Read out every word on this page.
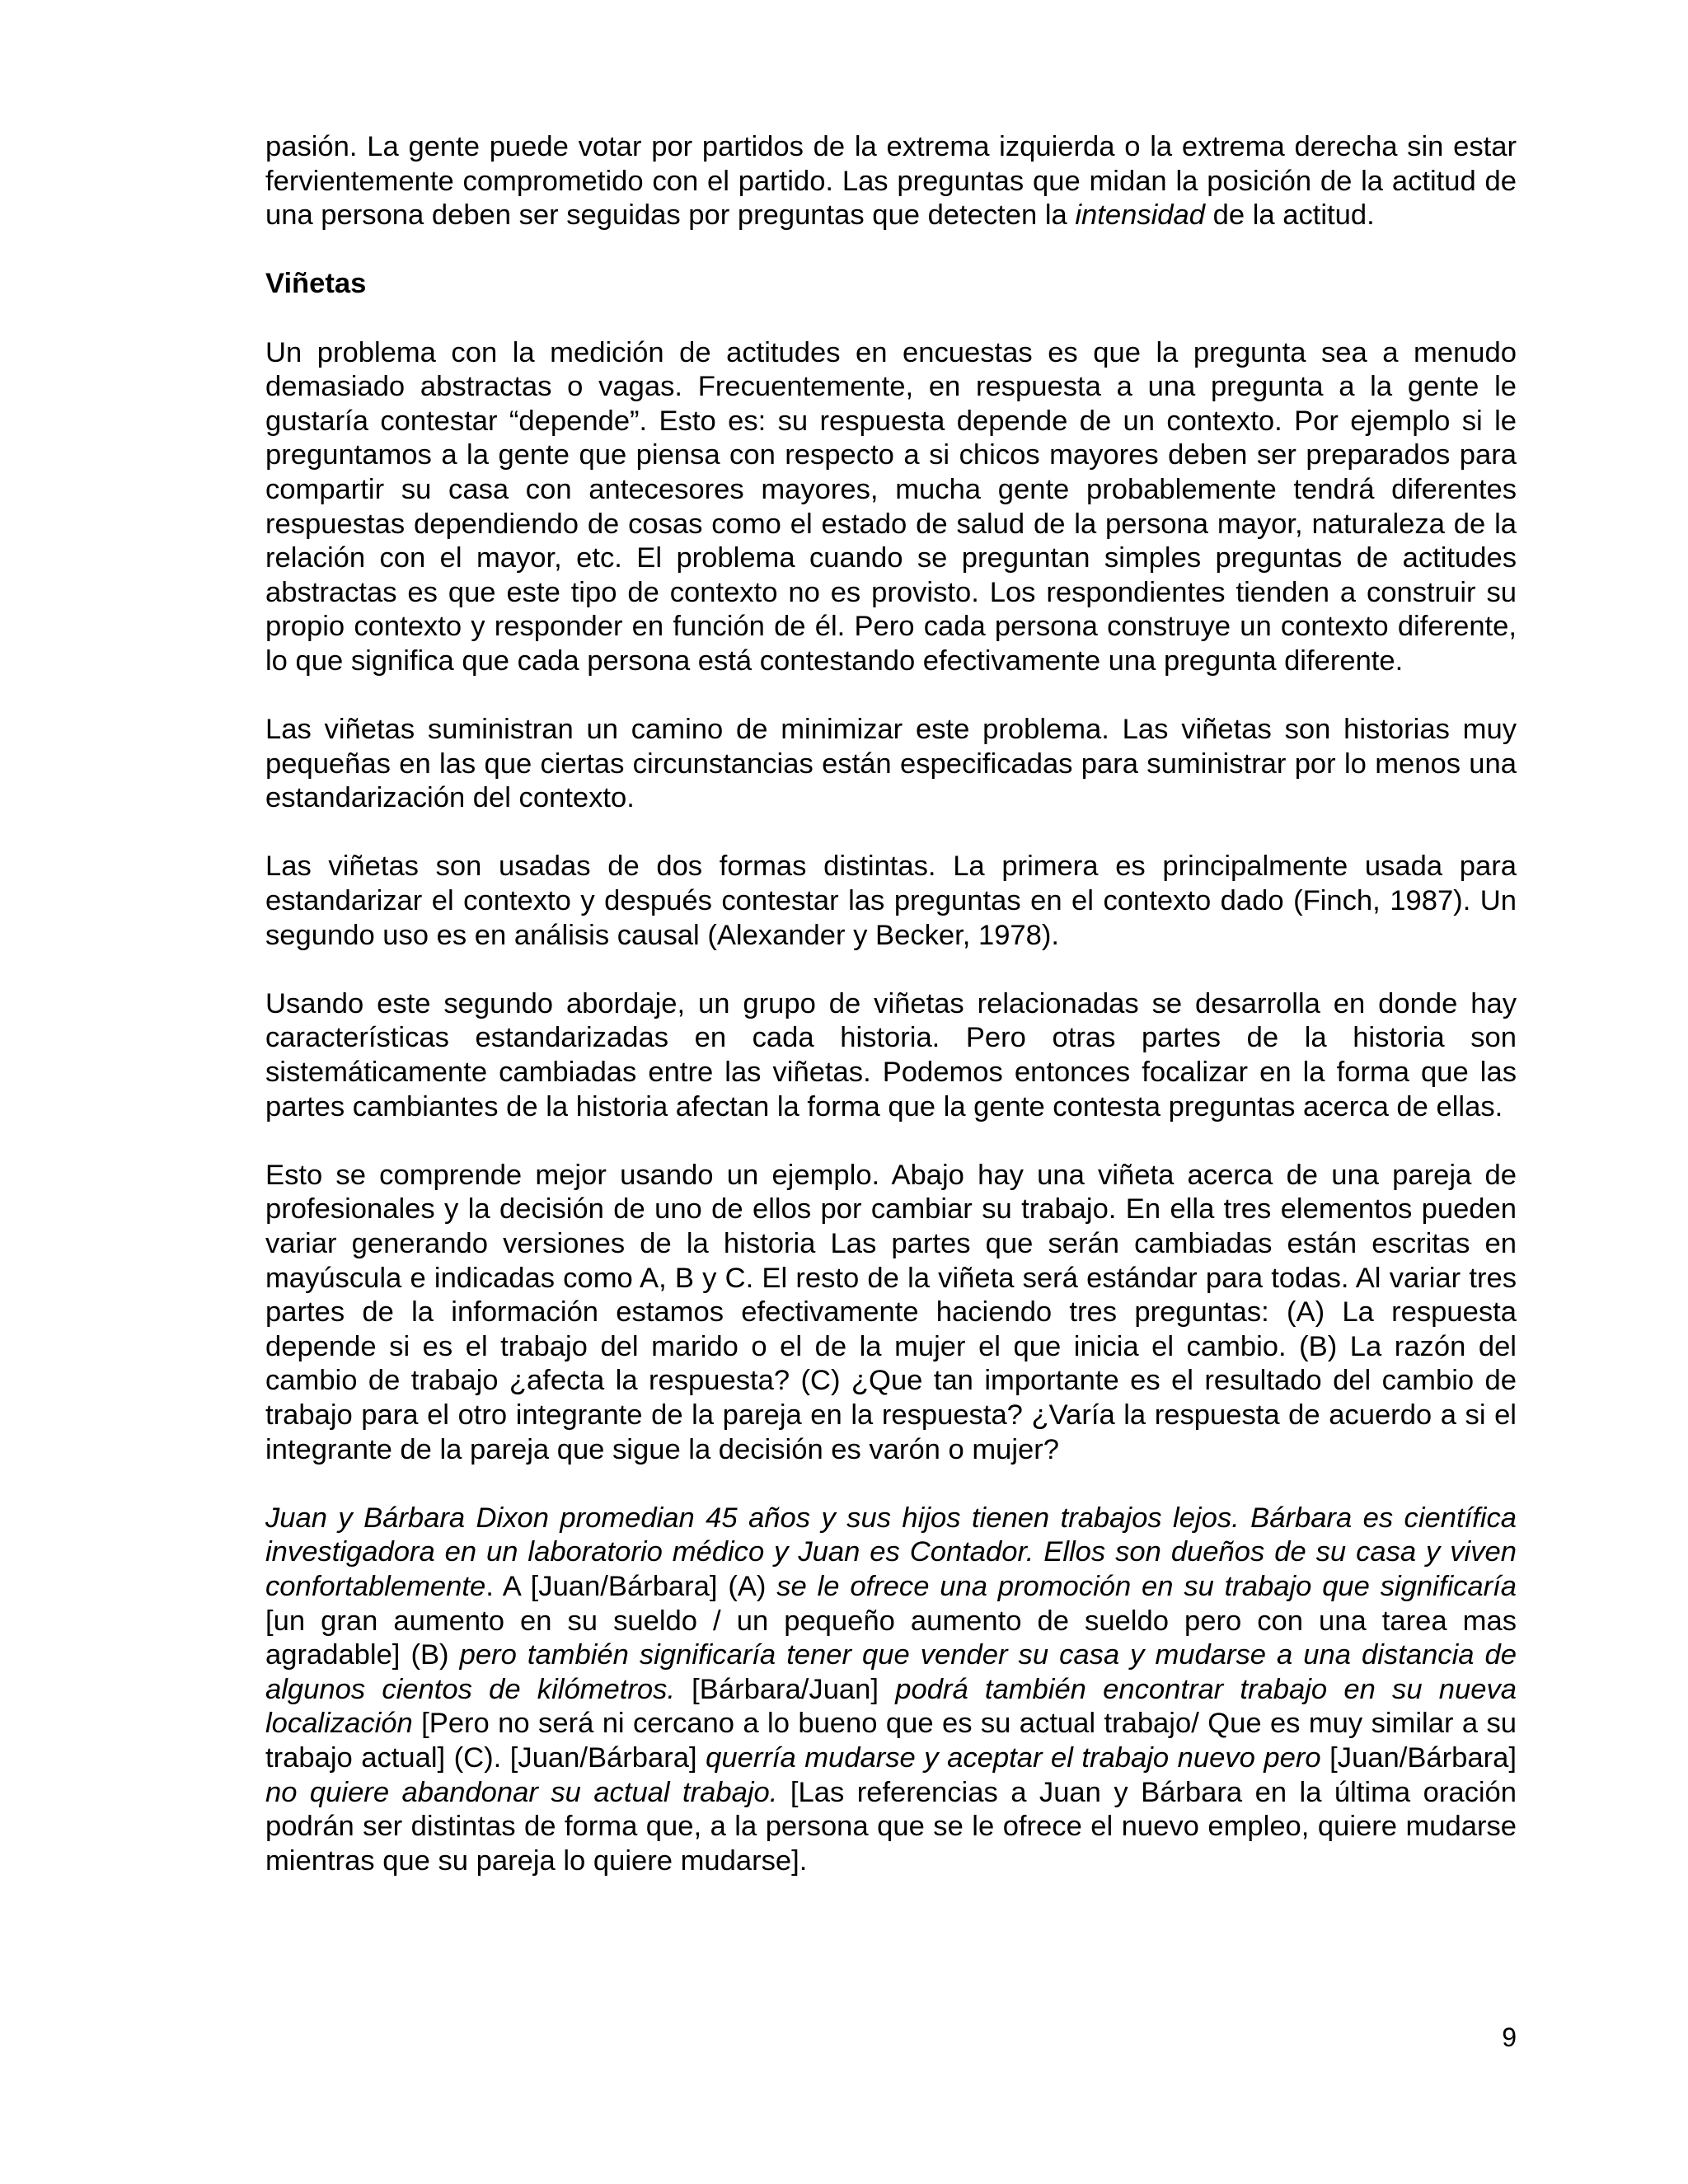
pasión. La gente puede votar por partidos de la extrema izquierda o la extrema derecha sin estar fervientemente comprometido con el partido. Las preguntas que midan la posición de la actitud de una persona deben ser seguidas por preguntas que detecten la intensidad de la actitud.

Viñetas

Un problema con la medición de actitudes en encuestas es que la pregunta sea a menudo demasiado abstractas o vagas. Frecuentemente, en respuesta a una pregunta a la gente le gustaría contestar “depende”. Esto es: su respuesta depende de un contexto. Por ejemplo si le preguntamos a la gente que piensa con respecto a si chicos mayores deben ser preparados para compartir su casa con antecesores mayores, mucha gente probablemente tendrá diferentes respuestas dependiendo de cosas como el estado de salud de la persona mayor, naturaleza de la relación con el mayor, etc. El problema cuando se preguntan simples preguntas de actitudes abstractas es que este tipo de contexto no es provisto. Los respondientes tienden a construir su propio contexto y responder en función de él. Pero cada persona construye un contexto diferente, lo que significa que cada persona está contestando efectivamente una pregunta diferente.

Las viñetas suministran un camino de minimizar este problema. Las viñetas son historias muy pequeñas en las que ciertas circunstancias están especificadas para suministrar por lo menos una estandarización del contexto.

Las viñetas son usadas de dos formas distintas. La primera es principalmente usada para estandarizar el contexto y después contestar las preguntas en el contexto dado (Finch, 1987). Un segundo uso es en análisis causal (Alexander y Becker, 1978).

Usando este segundo abordaje, un grupo de viñetas relacionadas se desarrolla en donde hay características estandarizadas en cada historia. Pero otras partes de la historia son sistemáticamente cambiadas entre las viñetas. Podemos entonces focalizar en la forma que las partes cambiantes de la historia afectan la forma que la gente contesta preguntas acerca de ellas.

Esto se comprende mejor usando un ejemplo. Abajo hay una viñeta acerca de una pareja de profesionales y la decisión de uno de ellos por cambiar su trabajo. En ella tres elementos pueden variar generando versiones de la historia Las partes que serán cambiadas están escritas en mayúscula e indicadas como A, B y C. El resto de la viñeta será estándar para todas. Al variar tres partes de la información estamos efectivamente haciendo tres preguntas: (A) La respuesta depende si es el trabajo del marido o el de la mujer el que inicia el cambio. (B) La razón del cambio de trabajo ¿afecta la respuesta? (C) ¿Que tan importante es el resultado del cambio de trabajo para el otro integrante de la pareja en la respuesta? ¿Varía la respuesta de acuerdo a si el integrante de la pareja que sigue la decisión es varón o mujer?

Juan y Bárbara Dixon promedian 45 años y sus hijos tienen trabajos lejos. Bárbara es científica investigadora en un laboratorio médico y Juan es Contador. Ellos son dueños de su casa y viven confortablemente. A [Juan/Bárbara] (A) se le ofrece una promoción en su trabajo que significaría [un gran aumento en su sueldo / un pequeño aumento de sueldo pero con una tarea mas agradable] (B) pero también significaría tener que vender su casa y mudarse a una distancia de algunos cientos de kilómetros. [Bárbara/Juan] podrá también encontrar trabajo en su nueva localización [Pero no será ni cercano a lo bueno que es su actual trabajo/ Que es muy similar a su trabajo actual] (C). [Juan/Bárbara] querría mudarse y aceptar el trabajo nuevo pero [Juan/Bárbara] no quiere abandonar su actual trabajo. [Las referencias a Juan y Bárbara en la última oración podrán ser distintas de forma que, a la persona que se le ofrece el nuevo empleo, quiere mudarse mientras que su pareja lo quiere mudarse].

9
